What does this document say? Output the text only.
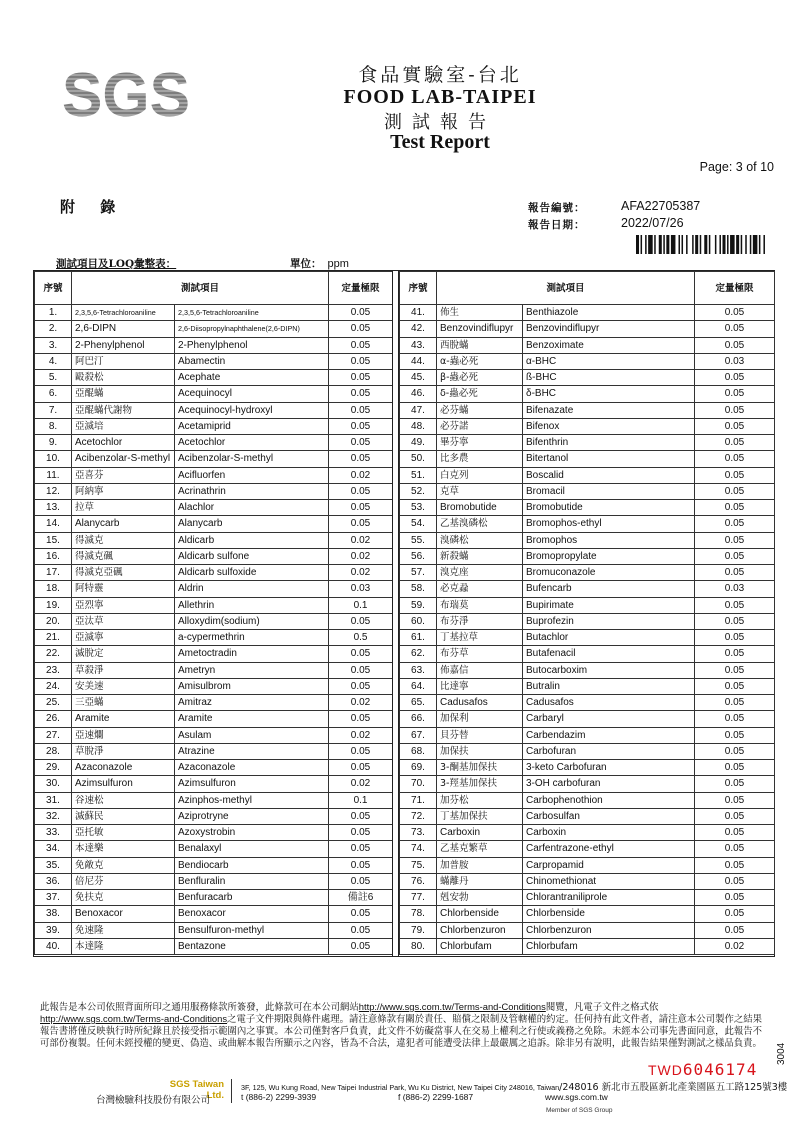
SGS	食品實驗室-台北
FOOD LAB-TAIPEI
測試報告
Test Report
Page: 3 of 10
附 錄	報告編號：	AFA22705387
報告日期：	2022/07/26
測試項目及LOQ彙整表：	單位： ppm
序號	測試項目		定量極限
1.	2,3,5,6-Tetrachloroaniline	2,3,5,6-Tetrachloroaniline	0.05
2.	2,6-DIPN	2,6-Diisopropylnaphthalene(2,6-DIPN)	0.05
3.	2-Phenylphenol	2-Phenylphenol	0.05
4.	阿巴汀	Abamectin	0.05
5.	毆殺松	Acephate	0.05
6.	亞醌蟎	Acequinocyl	0.05
7.	亞醌蟎代謝物	Acequinocyl-hydroxyl	0.05
8.	亞滅培	Acetamiprid	0.05
9.	Acetochlor	Acetochlor	0.05
10.	Acibenzolar-S-methyl	Acibenzolar-S-methyl	0.05
11.	亞喜芬	Acifluorfen	0.02
12.	阿納寧	Acrinathrin	0.05
13.	拉草	Alachlor	0.05
14.	Alanycarb	Alanycarb	0.05
15.	得滅克	Aldicarb	0.02
16.	得滅克碸	Aldicarb sulfone	0.02
17.	得滅克亞碸	Aldicarb sulfoxide	0.02
18.	阿特靈	Aldrin	0.03
19.	亞烈寧	Allethrin	0.1
20.	亞汰草	Alloxydim(sodium)	0.05
21.	亞滅寧	a-cypermethrin	0.5
22.	滅脫定	Ametoctradin	0.05
23.	草殺淨	Ametryn	0.05
24.	安美速	Amisulbrom	0.05
25.	三亞蟎	Amitraz	0.02
26.	Aramite	Aramite	0.05
27.	亞速爛	Asulam	0.02
28.	草脫淨	Atrazine	0.05
29.	Azaconazole	Azaconazole	0.05
30.	Azimsulfuron	Azimsulfuron	0.02
31.	谷速松	Azinphos-methyl	0.1
32.	滅蘇民	Aziprotryne	0.05
33.	亞托敏	Azoxystrobin	0.05
34.	本達樂	Benalaxyl	0.05
35.	免敵克	Bendiocarb	0.05
36.	倍尼芬	Benfluralin	0.05
37.	免扶克	Benfuracarb	備註6
38.	Benoxacor	Benoxacor	0.05
39.	免速隆	Bensulfuron-methyl	0.05
40.	本達隆	Bentazone	0.05
序號	測試項目		定量極限
41.	佈生	Benthiazole	0.05
42.	Benzovindiflupyr	Benzovindiflupyr	0.05
43.	西脫蟎	Benzoximate	0.05
44.	α-蟲必死	α-BHC	0.03
45.	β-蟲必死	ß-BHC	0.05
46.	δ-蟲必死	δ-BHC	0.05
47.	必芬蟎	Bifenazate	0.05
48.	必芬諾	Bifenox	0.05
49.	畢芬寧	Bifenthrin	0.05
50.	比多農	Bitertanol	0.05
51.	白克列	Boscalid	0.05
52.	克草	Bromacil	0.05
53.	Bromobutide	Bromobutide	0.05
54.	乙基溴磷松	Bromophos-ethyl	0.05
55.	溴磷松	Bromophos	0.05
56.	新殺蟎	Bromopropylate	0.05
57.	溴克座	Bromuconazole	0.05
58.	必克蝨	Bufencarb	0.03
59.	布瑞莫	Bupirimate	0.05
60.	布芬淨	Buprofezin	0.05
61.	丁基拉草	Butachlor	0.05
62.	布芬草	Butafenacil	0.05
63.	佈嘉信	Butocarboxim	0.05
64.	比達寧	Butralin	0.05
65.	Cadusafos	Cadusafos	0.05
66.	加保利	Carbaryl	0.05
67.	貝芬替	Carbendazim	0.05
68.	加保扶	Carbofuran	0.05
69.	3-酮基加保扶	3-keto Carbofuran	0.05
70.	3-羥基加保扶	3-OH carbofuran	0.05
71.	加芬松	Carbophenothion	0.05
72.	丁基加保扶	Carbosulfan	0.05
73.	Carboxin	Carboxin	0.05
74.	乙基克繁草	Carfentrazone-ethyl	0.05
75.	加普胺	Carpropamid	0.05
76.	蟎離丹	Chinomethionat	0.05
77.	剋安勃	Chlorantraniliprole	0.05
78.	Chlorbenside	Chlorbenside	0.05
79.	Chlorbenzuron	Chlorbenzuron	0.05
80.	Chlorbufam	Chlorbufam	0.02
此報告是本公司依照背面所印之通用服務條款所簽發，此條款可在本公司網站http://www.sgs.com.tw/Terms-and-Conditions閱覽，凡電子文件之格式依
http://www.sgs.com.tw/Terms-and-Conditions之電子文件期限與條件處理。請注意條款有關於責任、賠償之限制及管轄權的約定。任何持有此文件者，請注意本公司製作之結果報告書將僅反映執行時所紀錄且於接受指示範圍內之事實。本公司僅對客戶負責，此文件不妨礙當事人在交易上權利之行使或義務之免除。未經本公司事先書面同意，此報告不可部份複製。任何未經授權的變更、偽造、或曲解本報告所顯示之內容，皆為不合法，違犯者可能遭受法律上最嚴厲之追訴。除非另有說明，此報告結果僅對測試之樣品負責。
TWD6046174
3004
SGS Taiwan Ltd.
台灣檢驗科技股份有限公司
3F, 125, Wu Kung Road, New Taipei Industrial Park, Wu Ku District, New Taipei City 248016, Taiwan/248016 新北市五股區新北產業園區五工路125號3樓
t (886-2) 2299-3939	f (886-2) 2299-1687	www.sgs.com.tw
Member of SGS Group
